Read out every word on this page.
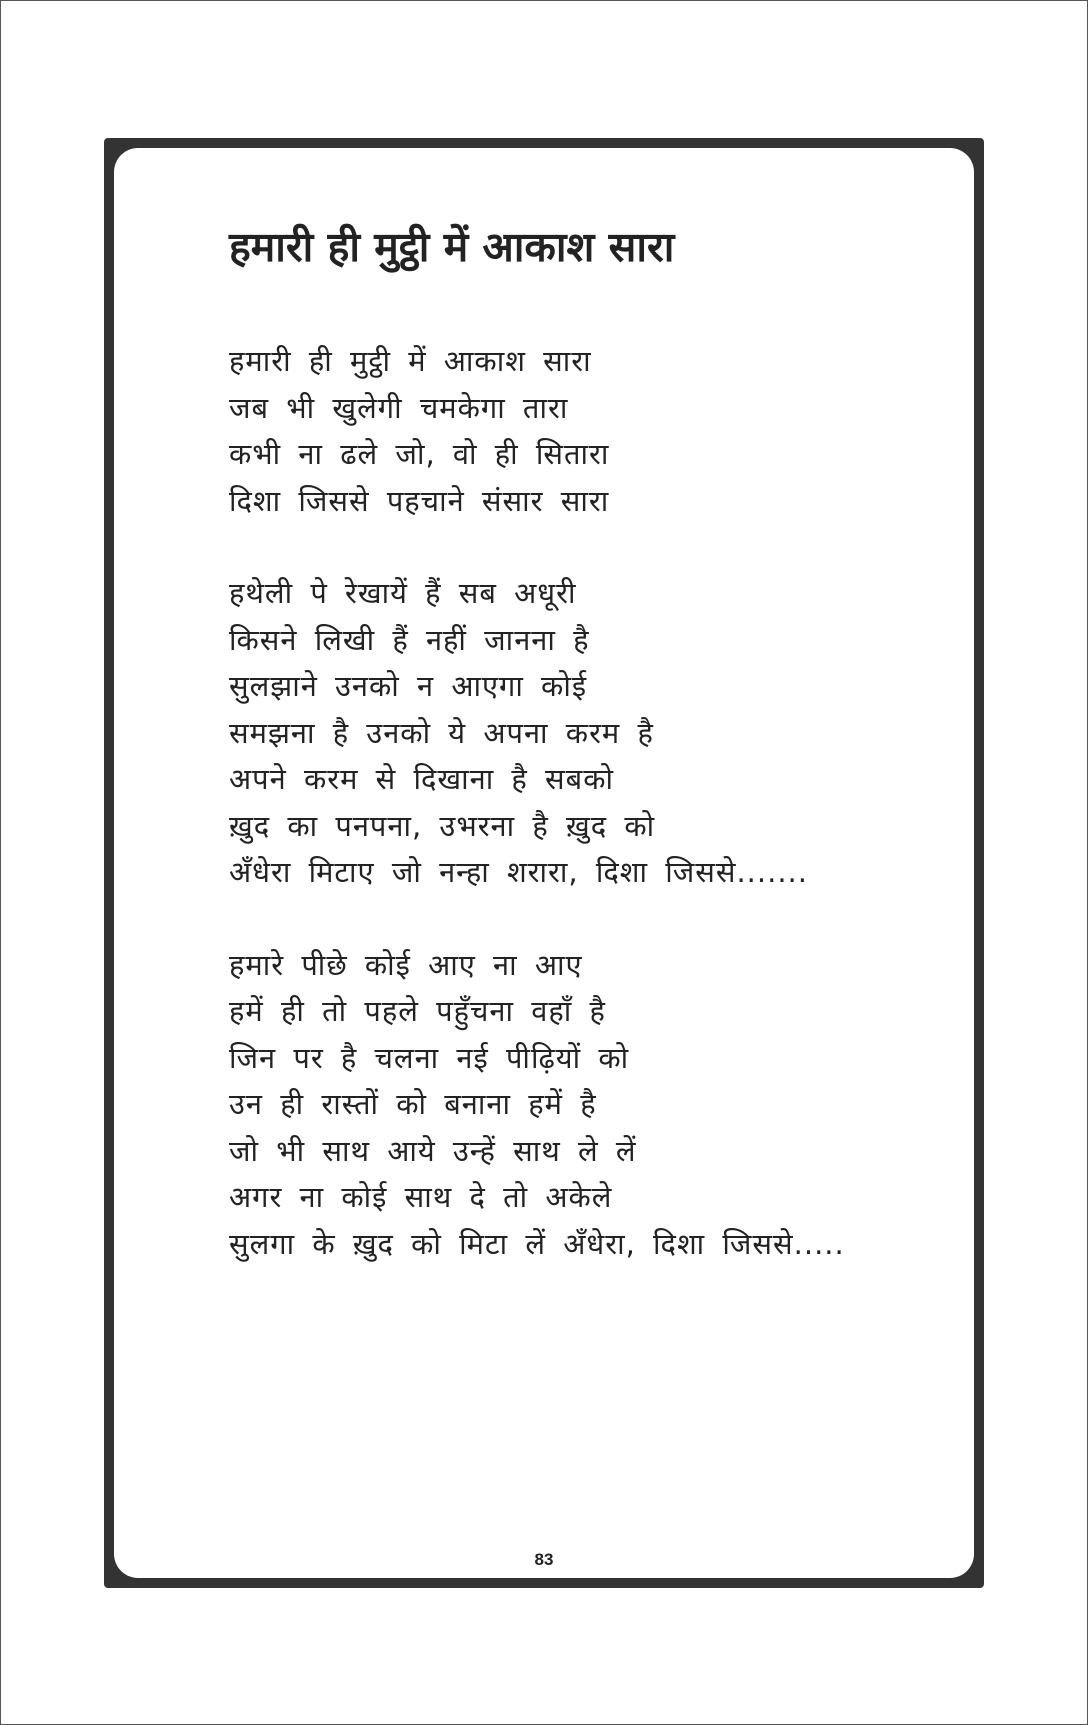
हमारी ही मुट्ठी में आकाश सारा
हमारी ही मुट्ठी में आकाश सारा
जब भी खुलेगी चमकेगा तारा
कभी ना ढले जो, वो ही सितारा
दिशा जिससे पहचाने संसार सारा
हथेली पे रेखायें हैं सब अधूरी
किसने लिखी हैं नहीं जानना है
सुलझाने उनको न आएगा कोई
समझना है उनको ये अपना करम है
अपने करम से दिखाना है सबको
ख़ुद का पनपना, उभरना है ख़ुद को
अँधेरा मिटाए जो नन्हा शरारा, दिशा जिससे.......
हमारे पीछे कोई आए ना आए
हमें ही तो पहले पहुँचना वहाँ है
जिन पर है चलना नई पीढ़ियों को
उन ही रास्तों को बनाना हमें है
जो भी साथ आये उन्हें साथ ले लें
अगर ना कोई साथ दे तो अकेले
सुलगा के ख़ुद को मिटा लें अँधेरा, दिशा जिससे.....
83
